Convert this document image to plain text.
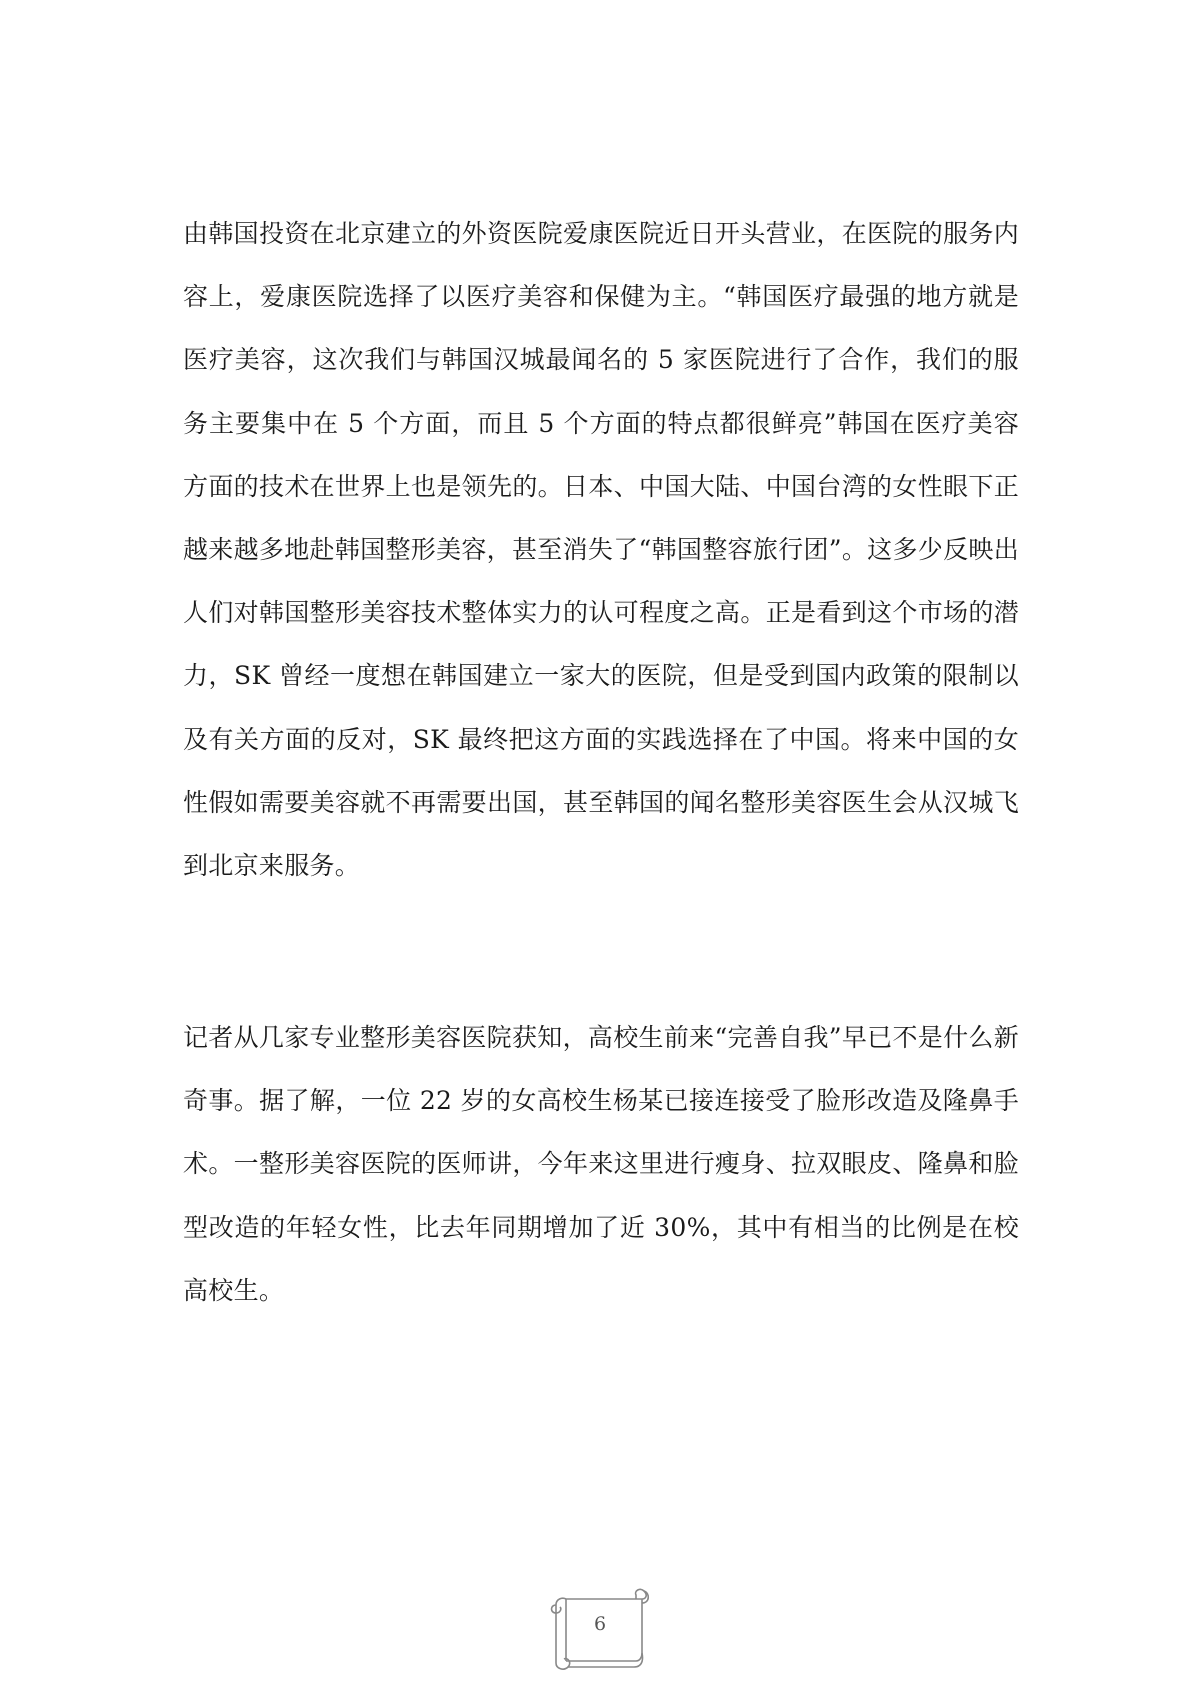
由韩国投资在北京建立的外资医院爱康医院近日开头营业，在医院的服务内容上，爱康医院选择了以医疗美容和保健为主。“韩国医疗最强的地方就是医疗美容，这次我们与韩国汉城最闻名的 5 家医院进行了合作，我们的服务主要集中在 5 个方面，而且 5 个方面的特点都很鲜亮”韩国在医疗美容方面的技术在世界上也是领先的。日本、中国大陆、中国台湾的女性眼下正越来越多地赴韩国整形美容，甚至消失了“韩国整容旅行团”。这多少反映出人们对韩国整形美容技术整体实力的认可程度之高。正是看到这个市场的潜力，SK 曾经一度想在韩国建立一家大的医院，但是受到国内政策的限制以及有关方面的反对，SK 最终把这方面的实践选择在了中国。将来中国的女性假如需要美容就不再需要出国，甚至韩国的闻名整形美容医生会从汉城飞到北京来服务。

记者从几家专业整形美容医院获知，高校生前来“完善自我”早已不是什么新奇事。据了解，一位 22 岁的女高校生杨某已接连接受了脸形改造及隆鼻手术。一整形美容医院的医师讲，今年来这里进行瘦身、拉双眼皮、隆鼻和脸型改造的年轻女性，比去年同期增加了近 30%，其中有相当的比例是在校高校生。

6
